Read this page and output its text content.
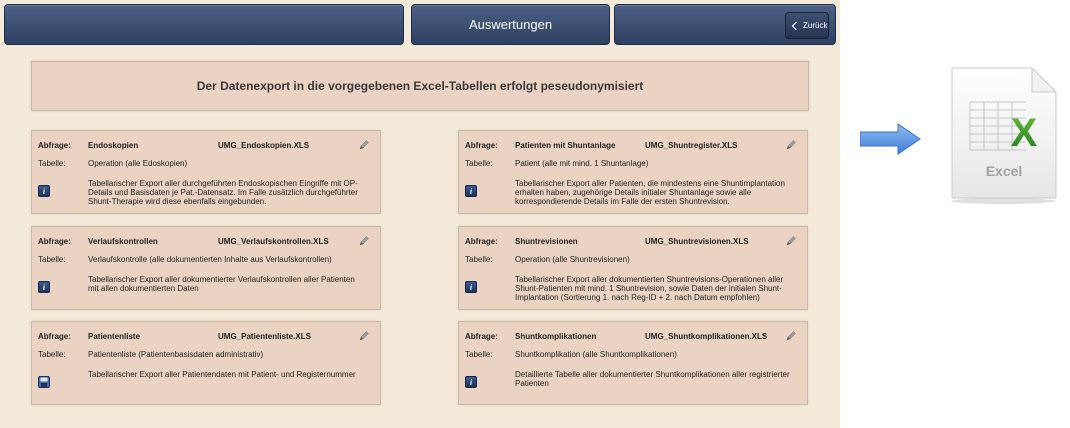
Auswertungen	Zurück
Der Datenexport in die vorgegebenen Excel-Tabellen erfolgt peseudonymisiert
Abfrage: Endoskopien	UMG_Endoskopien.XLS
Tabelle:	Operation (alle Edoskopien)
i
Tabellarischer Export aller durchgeführten Endoskopischen Eingriffe mit OP- Details und Basisdaten je Pat.-Datensatz. Im Falle zusätzlich durchgeführter Shunt-Therapie wird diese ebenfalls eingebunden.
Abfrage: Patienten mit Shuntanlage	UMG_Shuntregister.XLS
Tabelle:	Patient (alle mit mind. 1 Shuntanlage)
i
Tabellarischer Export aller Patienten, die mindestens eine Shuntimplantation erhalten haben, zugehörige Details initialer Shuntanlage sowie alle korrespondierende Details im Falle der ersten Shuntrevision.
Abfrage: Verlaufskontrollen	UMG_Verlaufskontrollen.XLS
Tabelle:	Verlaufskontrolle (alle dokumentierten Inhalte aus Verlaufskontrollen)
i
Tabellarischer Export aller dokumentierter Verlaufskontrollen aller Patienten mit allen dokumentierten Daten
Abfrage: Shuntrevisionen	UMG_Shuntrevisionen.XLS
Tabelle:	Operation (alle Shuntrevisionen)
i
Tabellarischer Export aller dokumentierten Shuntrevisions-Operationen aller Shunt-Patienten mit mind. 1 Shuntrevision, sowie Daten der initialen Shunt-Implantation (Sortierung 1. nach Reg-ID + 2. nach Datum empfohlen)
Abfrage: Patientenliste	UMG_Patientenliste.XLS
Tabelle:	Patientenliste (Patientenbasisdaten administrativ)
Tabellarischer Export aller Patientendaten mit Patient- und Registernummer
Abfrage: Shuntkomplikationen	UMG_Shuntkomplikationen.XLS
Tabelle:	Shuntkomplikation (alle Shuntkomplikationen)
i
Detaillierte Tabelle aller dokumentierter Shuntkomplikationen aller registrierter Patienten
X
Excel
